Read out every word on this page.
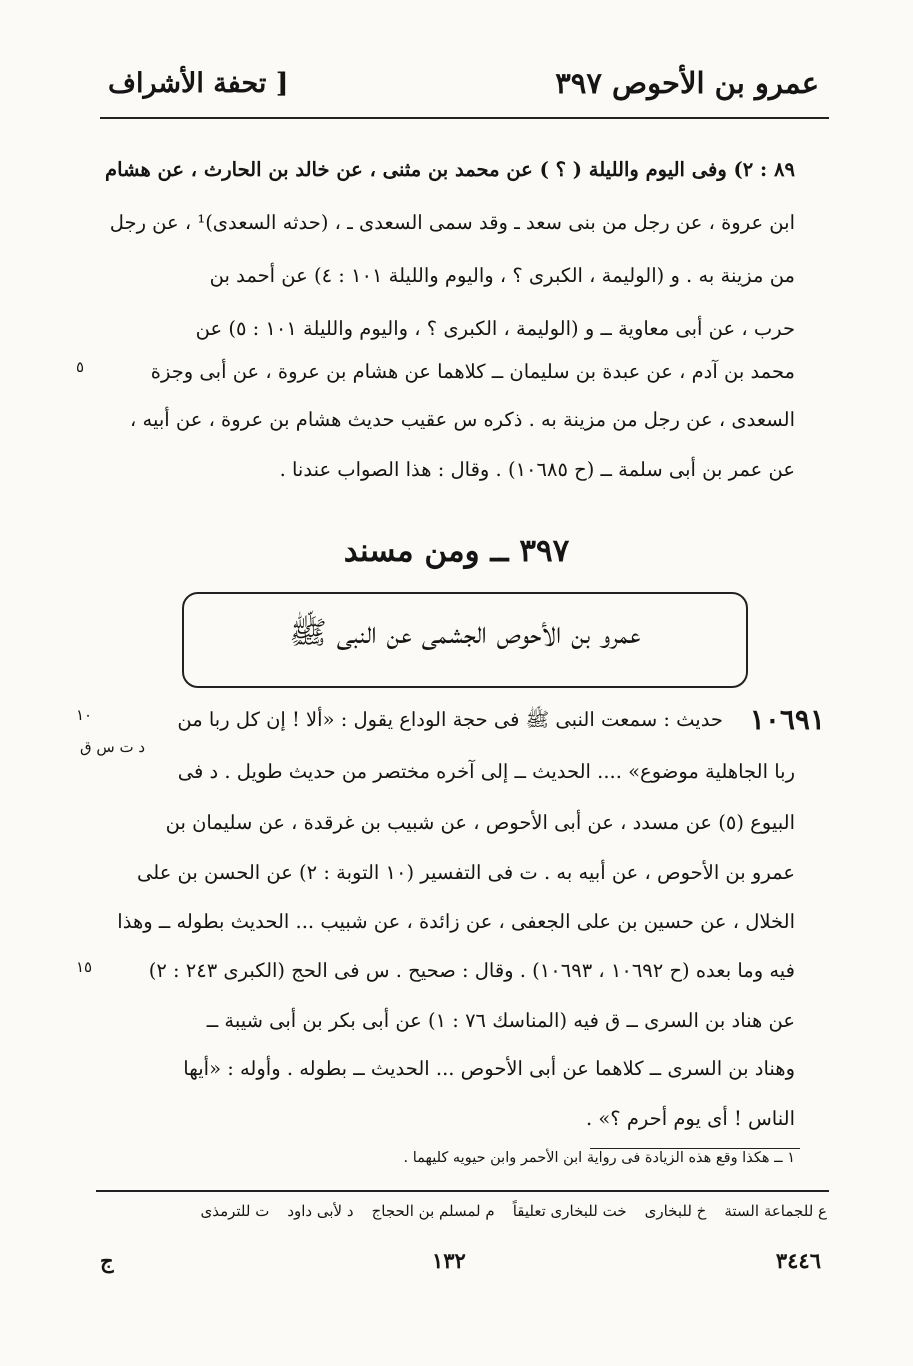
عمرو بن الأحوص ٣٩٧
[ تحفة الأشراف
٨٩ : ٢) وفى اليوم والليلة ( ؟ ) عن محمد بن مثنى ، عن خالد بن الحارث ، عن هشام
ابن عروة ، عن رجل من بنى سعد ـ وقد سمى السعدى ـ ، (حدثه السعدى)¹ ، عن رجل
من مزينة به . و (الوليمة ، الكبرى ؟ ، واليوم والليلة ١٠١ : ٤) عن أحمد بن
حرب ، عن أبى معاوية ــ و (الوليمة ، الكبرى ؟ ، واليوم والليلة ١٠١ : ٥) عن
محمد بن آدم ، عن عبدة بن سليمان ــ كلاهما عن هشام بن عروة ، عن أبى وجزة
٥
السعدى ، عن رجل من مزينة به . ذكره س عقيب حديث هشام بن عروة ، عن أبيه ،
عن عمر بن أبى سلمة ــ (ح ١٠٦٨٥) . وقال : هذا الصواب عندنا .
٣٩٧ ــ ومن مسند
عمرو بن الأحوص الجشمى عن النبى ﷺ
١٠٦٩١
حديث : سمعت النبى ﷺ فى حجة الوداع يقول : «ألا ! إن كل ربا من
١٠
د ت س ق
ربا الجاهلية موضوع» .... الحديث ــ إلى آخره مختصر من حديث طويل . د فى
البيوع (٥) عن مسدد ، عن أبى الأحوص ، عن شبيب بن غرقدة ، عن سليمان بن
عمرو بن الأحوص ، عن أبيه به . ت فى التفسير (١٠ التوبة : ٢) عن الحسن بن على
الخلال ، عن حسين بن على الجعفى ، عن زائدة ، عن شبيب ... الحديث بطوله ــ وهذا
فيه وما بعده (ح ١٠٦٩٢ ، ١٠٦٩٣) . وقال : صحيح . س فى الحج (الكبرى ٢٤٣ : ٢)
١٥
عن هناد بن السرى ــ ق فيه (المناسك ٧٦ : ١) عن أبى بكر بن أبى شيبة ــ
وهناد بن السرى ــ كلاهما عن أبى الأحوص ... الحديث ــ بطوله . وأوله : «أيها
الناس ! أى يوم أحرم ؟» .
١ ــ هكذا وقع هذه الزيادة فى رواية ابن الأحمر وابن حيويه كليهما .
ع للجماعة الستة
خ للبخارى
خت للبخارى تعليقاً
م لمسلم بن الحجاج
د لأبى داود
ت للترمذى
ج	١٣٢	٣٤٤٦
